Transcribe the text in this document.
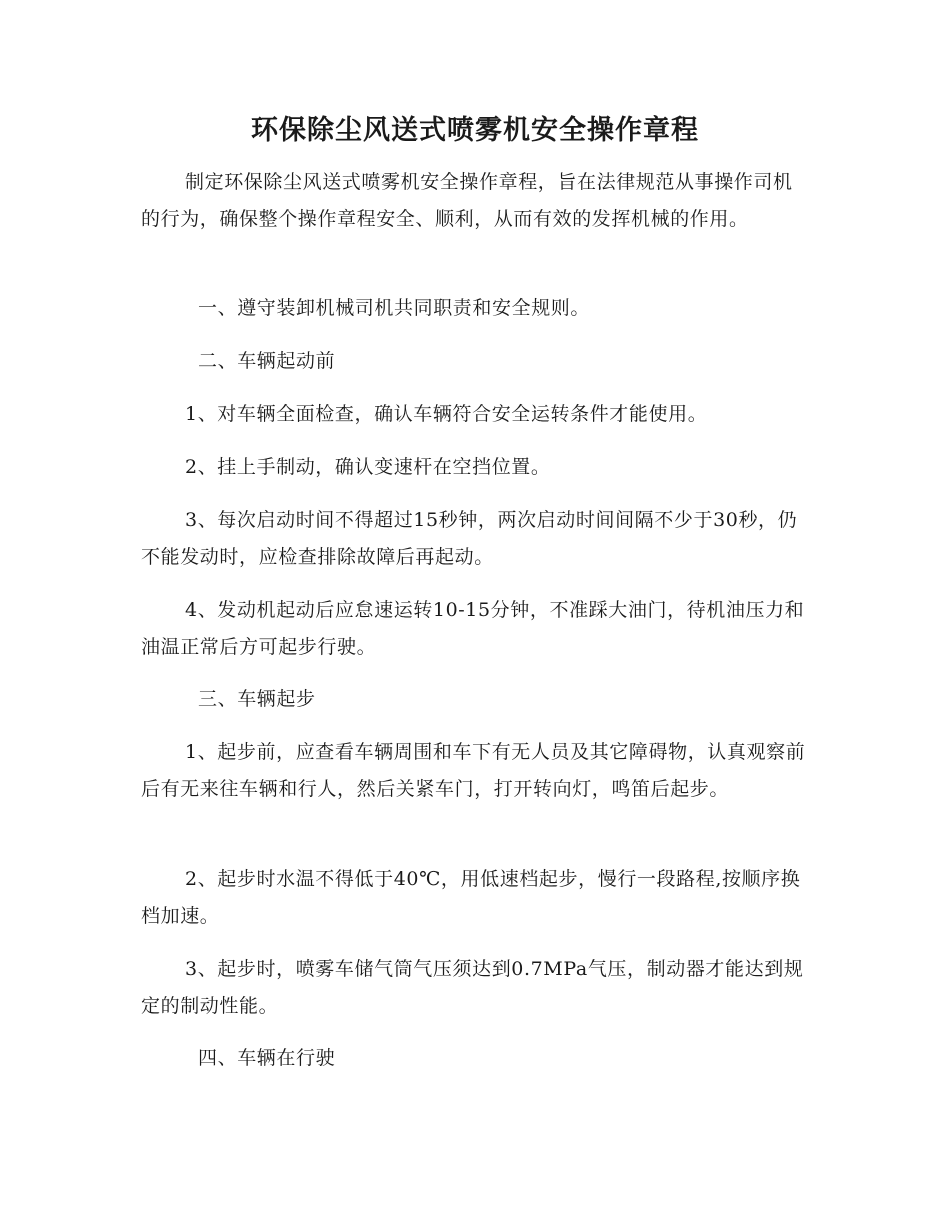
环保除尘风送式喷雾机安全操作章程

制定环保除尘风送式喷雾机安全操作章程，旨在法律规范从事操作司机的行为，确保整个操作章程安全、顺利，从而有效的发挥机械的作用。

一、遵守装卸机械司机共同职责和安全规则。

二、车辆起动前

1、对车辆全面检查，确认车辆符合安全运转条件才能使用。

2、挂上手制动，确认变速杆在空挡位置。

3、每次启动时间不得超过15秒钟，两次启动时间间隔不少于30秒，仍不能发动时，应检查排除故障后再起动。

4、发动机起动后应怠速运转10-15分钟，不准踩大油门，待机油压力和油温正常后方可起步行驶。

三、车辆起步

1、起步前，应查看车辆周围和车下有无人员及其它障碍物，认真观察前后有无来往车辆和行人，然后关紧车门，打开转向灯，鸣笛后起步。

2、起步时水温不得低于40℃，用低速档起步，慢行一段路程,按顺序换档加速。

3、起步时，喷雾车储气筒气压须达到0.7MPa气压，制动器才能达到规定的制动性能。

四、车辆在行驶
